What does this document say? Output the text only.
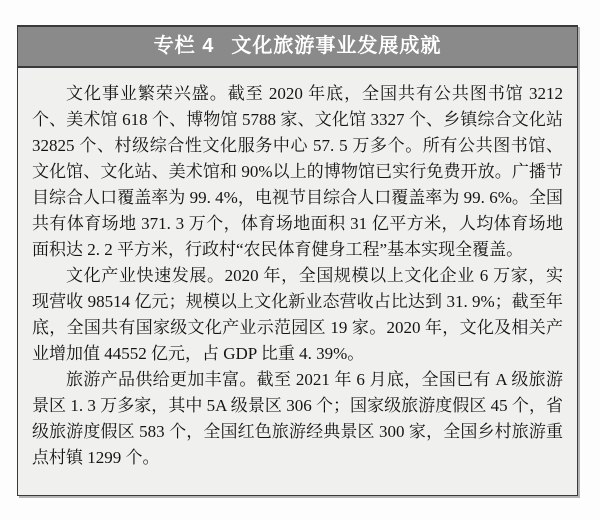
专栏 4 文化旅游事业发展成就

文化事业繁荣兴盛。截至 2020 年底，全国共有公共图书馆 3212 个、美术馆 618 个、博物馆 5788 家、文化馆 3327 个、乡镇综合文化站 32825 个、村级综合性文化服务中心 57. 5 万多个。所有公共图书馆、文化馆、文化站、美术馆和 90%以上的博物馆已实行免费开放。广播节目综合人口覆盖率为 99. 4%，电视节目综合人口覆盖率为 99. 6%。全国共有体育场地 371. 3 万个，体育场地面积 31 亿平方米，人均体育场地面积达 2. 2 平方米，行政村“农民体育健身工程”基本实现全覆盖。

文化产业快速发展。2020 年，全国规模以上文化企业 6 万家，实现营收 98514 亿元；规模以上文化新业态营收占比达到 31. 9%；截至年底，全国共有国家级文化产业示范园区 19 家。2020 年，文化及相关产业增加值 44552 亿元，占 GDP 比重 4. 39%。

旅游产品供给更加丰富。截至 2021 年 6 月底，全国已有 A 级旅游景区 1. 3 万多家，其中 5A 级景区 306 个；国家级旅游度假区 45 个，省级旅游度假区 583 个，全国红色旅游经典景区 300 家，全国乡村旅游重点村镇 1299 个。
